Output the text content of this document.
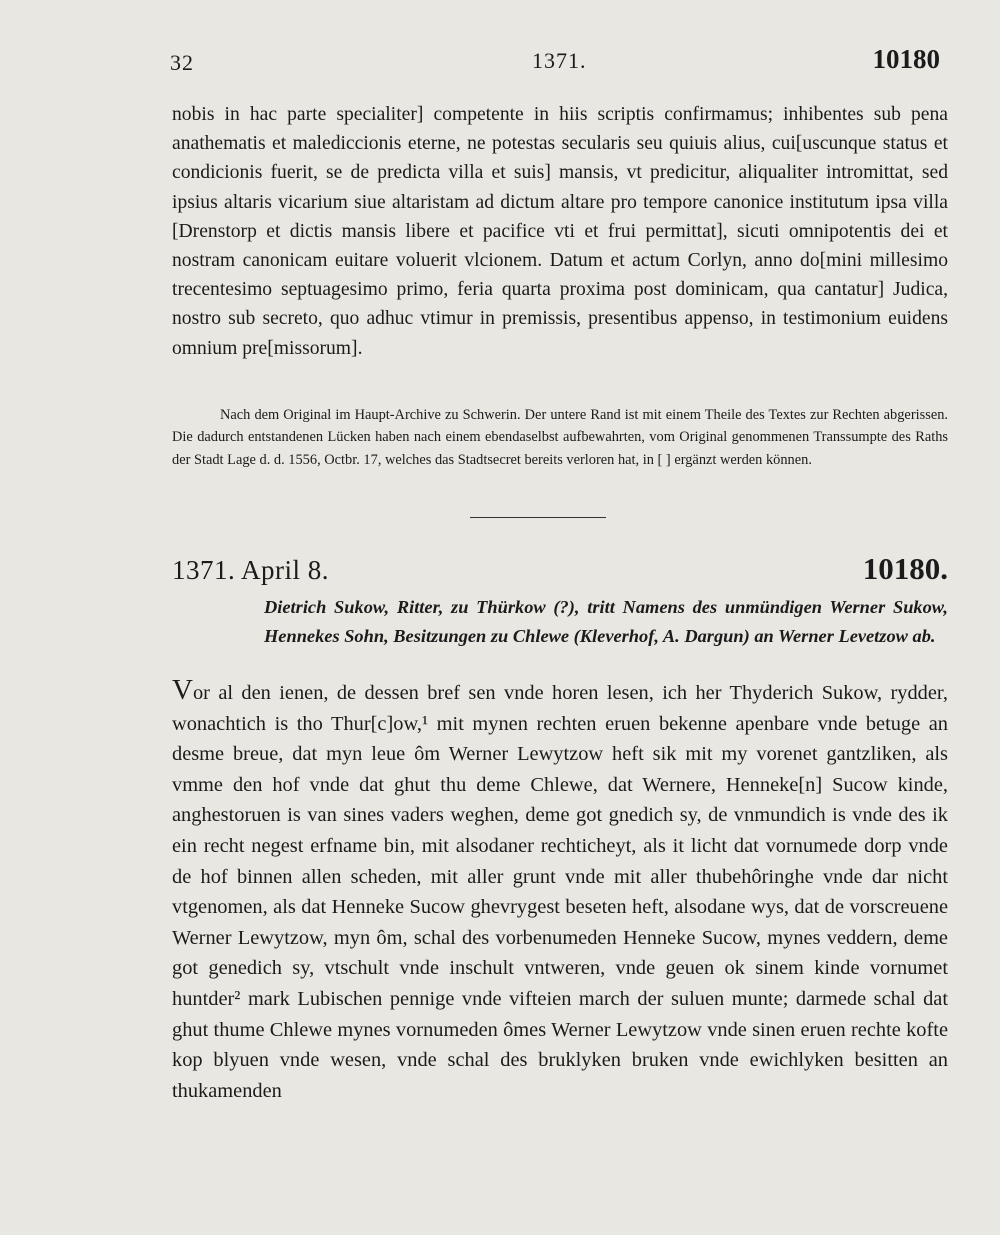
32	1371.	10180

nobis in hac parte specialiter] competente in hiis scriptis confirmamus; inhibentes sub pena anathematis et malediccionis eterne, ne potestas secularis seu quiuis alius, cui[uscunque status et condicionis fuerit, se de predicta villa et suis] mansis, vt predicitur, aliqualiter intromittat, sed ipsius altaris vicarium siue altaristam ad dictum altare pro tempore canonice institutum ipsa villa [Drenstorp et dictis mansis libere et pacifice vti et frui permittat], sicuti omnipotentis dei et nostram canonicam euitare voluerit vlcionem. Datum et actum Corlyn, anno do[mini millesimo trecentesimo septuagesimo primo, feria quarta proxima post dominicam, qua cantatur] Judica, nostro sub secreto, quo adhuc vtimur in premissis, presentibus appenso, in testimonium euidens omnium pre[missorum].

Nach dem Original im Haupt-Archive zu Schwerin. Der untere Rand ist mit einem Theile des Textes zur Rechten abgerissen. Die dadurch entstandenen Lücken haben nach einem ebendaselbst aufbewahrten, vom Original genommenen Transsumpte des Raths der Stadt Lage d. d. 1556, Octbr. 17, welches das Stadtsecret bereits verloren hat, in [ ] ergänzt werden können.

1371. April 8.	10180.

Dietrich Sukow, Ritter, zu Thürkow (?), tritt Namens des unmündigen Werner Sukow, Hennekes Sohn, Besitzungen zu Chlewe (Kleverhof, A. Dargun) an Werner Levetzow ab.

Vor al den ienen, de dessen bref sen vnde horen lesen, ich her Thyderich Sukow, rydder, wonachtich is tho Thur[c]ow,¹ mit mynen rechten eruen bekenne apenbare vnde betuge an desme breue, dat myn leue ôm Werner Lewytzow heft sik mit my vorenet gantzliken, als vmme den hof vnde dat ghut thu deme Chlewe, dat Wernere, Henneke[n] Sucow kinde, anghestoruen is van sines vaders weghen, deme got gnedich sy, de vnmundich is vnde des ik ein recht negest erfname bin, mit alsodaner rechticheyt, als it licht dat vornumede dorp vnde de hof binnen allen scheden, mit aller grunt vnde mit aller thubehôringhe vnde dar nicht vtgenomen, als dat Henneke Sucow ghevrygest beseten heft, alsodane wys, dat de vorscreuene Werner Lewytzow, myn ôm, schal des vorbenumeden Henneke Sucow, mynes veddern, deme got genedich sy, vtschult vnde inschult vntweren, vnde geuen ok sinem kinde vornumet huntder² mark Lubischen pennige vnde vifteien march der suluen munte; darmede schal dat ghut thume Chlewe mynes vornumeden ômes Werner Lewytzow vnde sinen eruen rechte kofte kop blyuen vnde wesen, vnde schal des bruklyken bruken vnde ewichlyken besitten an thukamenden
